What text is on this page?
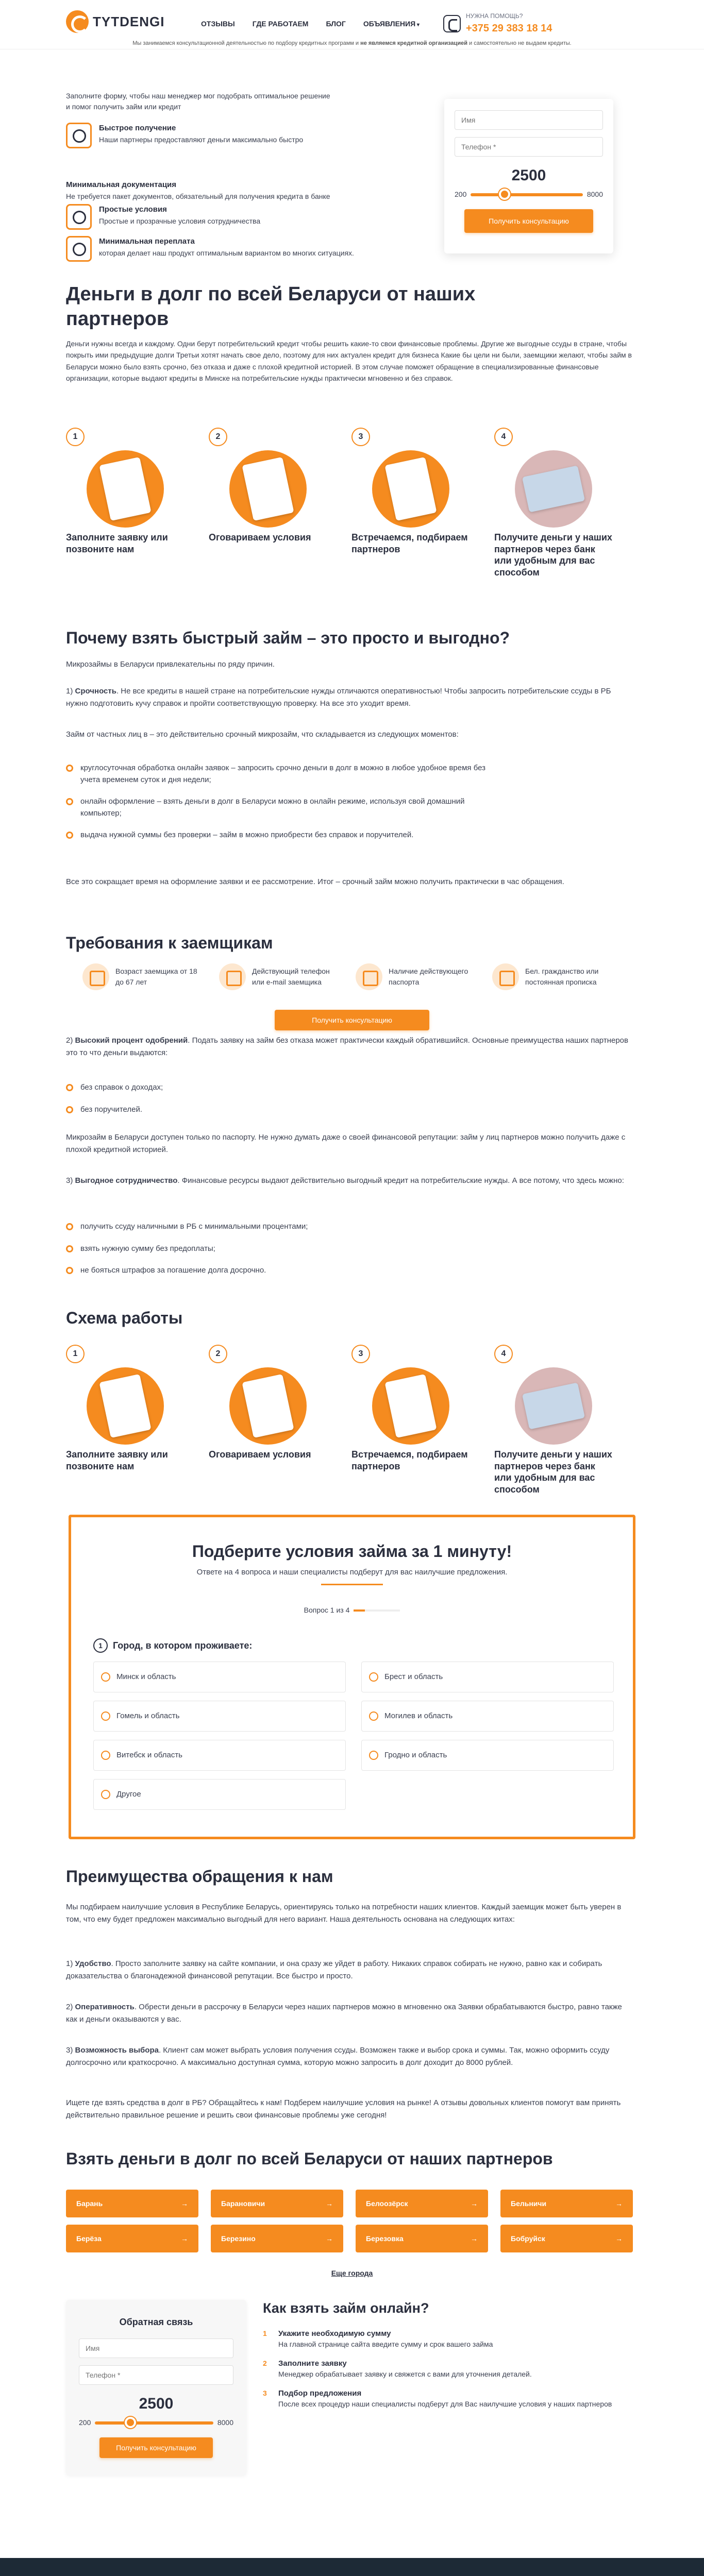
TYTDENGI	ОТЗЫВЫ ГДЕ РАБОТАЕМ БЛОГ ОБЪЯВЛЕНИЯ ▾
НУЖНА ПОМОЩЬ?
+375 29 383 18 14
Мы занимаемся консультационной деятельностью по подбору кредитных программ и не являемся кредитной организацией и самостоятельно не выдаем кредиты.

Заполните форму, чтобы наш менеджер мог подобрать оптимальное решение и помог получить займ или кредит

Быстрое получение

Наши партнеры предоставляют деньги максимально быстро

Минимальная документация

Не требуется пакет документов, обязательный для получения кредита в банке

Простые условия

Простые и прозрачные условия сотрудничества

Минимальная переплата

которая делает наш продукт оптимальным вариантом во многих ситуациях.

Имя Телефон *
2500
200	8000
Получить консультацию
Деньги в долг по всей Беларуси от наших партнеров

Деньги нужны всегда и каждому. Одни берут потребительский кредит чтобы решить какие-то свои финансовые проблемы. Другие же выгодные ссуды в стране, чтобы покрыть ими предыдущие долги Третьи хотят начать свое дело, поэтому для них актуален кредит для бизнеса Какие бы цели ни были, заемщики желают, чтобы займ в Беларуси можно было взять срочно, без отказа и даже с плохой кредитной историей. В этом случае поможет обращение в специализированные финансовые организации, которые выдают кредиты в Минске на потребительские нужды практически мгновенно и без справок.

1
Заполните заявку или позвоните нам
2
Оговариваем условия
3
Встречаемся, подбираем партнеров
4
Получите деньги у наших партнеров через банк или удобным для вас способом
Почему взять быстрый займ – это просто и выгодно?

Микрозаймы в Беларуси привлекательны по ряду причин.

1) Срочность. Не все кредиты в нашей стране на потребительские нужды отличаются оперативностью! Чтобы запросить потребительские ссуды в РБ нужно подготовить кучу справок и пройти соответствующую проверку. На все это уходит время.

Займ от частных лиц в – это действительно срочный микрозайм, что складывается из следующих моментов:

круглосуточная обработка онлайн заявок – запросить срочно деньги в долг в можно в любое удобное время без учета временем суток и дня недели;
онлайн оформление – взять деньги в долг в Беларуси можно в онлайн режиме, используя свой домашний компьютер;
выдача нужной суммы без проверки – займ в можно приобрести без справок и поручителей.

Все это сокращает время на оформление заявки и ее рассмотрение. Итог – срочный займ можно получить практически в час обращения.

Требования к заемщикам
Возраст заемщика от 18 до 67 лет
Действующий телефон или e-mail заемщика
Наличие действующего паспорта
Бел. гражданство или постоянная прописка
Получить консультацию

2) Высокий процент одобрений. Подать заявку на займ без отказа может практически каждый обратившийся. Основные преимущества наших партнеров это то что деньги выдаются:

без справок о доходах;
без поручителей.

Микрозайм в Беларуси доступен только по паспорту. Не нужно думать даже о своей финансовой репутации: займ у лиц партнеров можно получить даже с плохой кредитной историей.

3) Выгодное сотрудничество. Финансовые ресурсы выдают действительно выгодный кредит на потребительские нужды. А все потому, что здесь можно:

получить ссуду наличными в РБ с минимальными процентами;
взять нужную сумму без предоплаты;
не бояться штрафов за погашение долга досрочно.
Схема работы
1
Заполните заявку или позвоните нам
2
Оговариваем условия
3
Встречаемся, подбираем партнеров
4
Получите деньги у наших партнеров через банк или удобным для вас способом
Подберите условия займа за 1 минуту!
Ответе на 4 вопроса и наши специалисты подберут для вас наилучшие предложения.
Вопрос 1 из 4
1	Город, в котором проживаете:
Минск и область	Брест и область
Гомель и область	Могилев и область
Витебск и область	Гродно и область
Другое
Преимущества обращения к нам

Мы подбираем наилучшие условия в Республике Беларусь, ориентируясь только на потребности наших клиентов. Каждый заемщик может быть уверен в том, что ему будет предложен максимально выгодный для него вариант. Наша деятельность основана на следующих китах:

1) Удобство. Просто заполните заявку на сайте компании, и она сразу же уйдет в работу. Никаких справок собирать не нужно, равно как и собирать доказательства о благонадежной финансовой репутации. Все быстро и просто.

2) Оперативность. Обрести деньги в рассрочку в Беларуси через наших партнеров можно в мгновенно ока Заявки обрабатываются быстро, равно также как и деньги оказываются у вас.

3) Возможность выбора. Клиент сам может выбрать условия получения ссуды. Возможен также и выбор срока и суммы. Так, можно оформить ссуду долгосрочно или краткосрочно. А максимально доступная сумма, которую можно запросить в долг доходит до 8000 рублей.

Ищете где взять средства в долг в РБ? Обращайтесь к нам! Подберем наилучшие условия на рынке! А отзывы довольных клиентов помогут вам принять действительно правильное решение и решить свои финансовые проблемы уже сегодня!

Взять деньги в долг по всей Беларуси от наших партнеров
Барань	→	Барановичи	→	Белоозёрск	→	Бельничи	→
Берёза	→	Березино	→	Березовка	→	Бобруйск	→
Еще города
Обратная связь
Имя Телефон *
2500
200	8000
Получить консультацию
Как взять займ онлайн?
1	Укажите необходимую сумму
На главной странице сайта введите сумму и срок вашего займа
2	Заполните заявку
Менеджер обрабатывает заявку и свяжется с вами для уточнения деталей.
3	Подбор предложения
После всех процедур наши специалисты подберут для Вас наилучшие условия у наших партнеров
